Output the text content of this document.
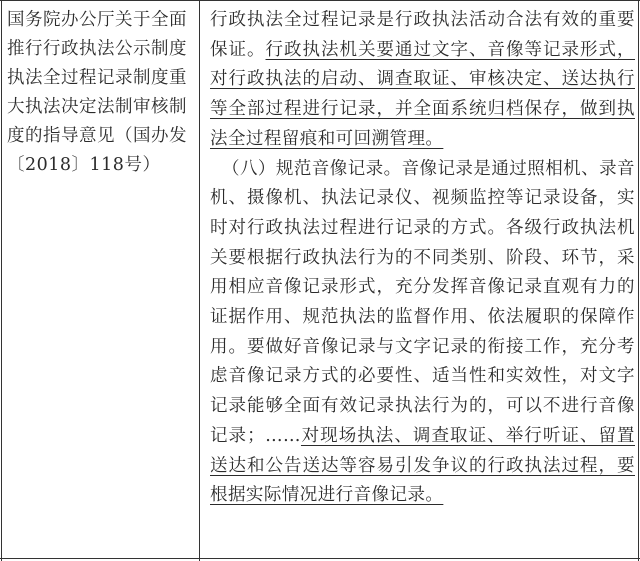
国务院办公厅关于全面推行行政执法公示制度执法全过程记录制度重大执法决定法制审核制度的指导意见（国办发〔2018〕118号）

行政执法全过程记录是行政执法活动合法有效的重要保证。行政执法机关要通过文字、音像等记录形式，对行政执法的启动、调查取证、审核决定、送达执行等全部过程进行记录，并全面系统归档保存，做到执法全过程留痕和可回溯管理。

（八）规范音像记录。音像记录是通过照相机、录音机、摄像机、执法记录仪、视频监控等记录设备，实时对行政执法过程进行记录的方式。各级行政执法机关要根据行政执法行为的不同类别、阶段、环节，采用相应音像记录形式，充分发挥音像记录直观有力的证据作用、规范执法的监督作用、依法履职的保障作用。要做好音像记录与文字记录的衔接工作，充分考虑音像记录方式的必要性、适当性和实效性，对文字记录能够全面有效记录执法行为的，可以不进行音像记录；……对现场执法、调查取证、举行听证、留置送达和公告送达等容易引发争议的行政执法过程，要根据实际情况进行音像记录。
